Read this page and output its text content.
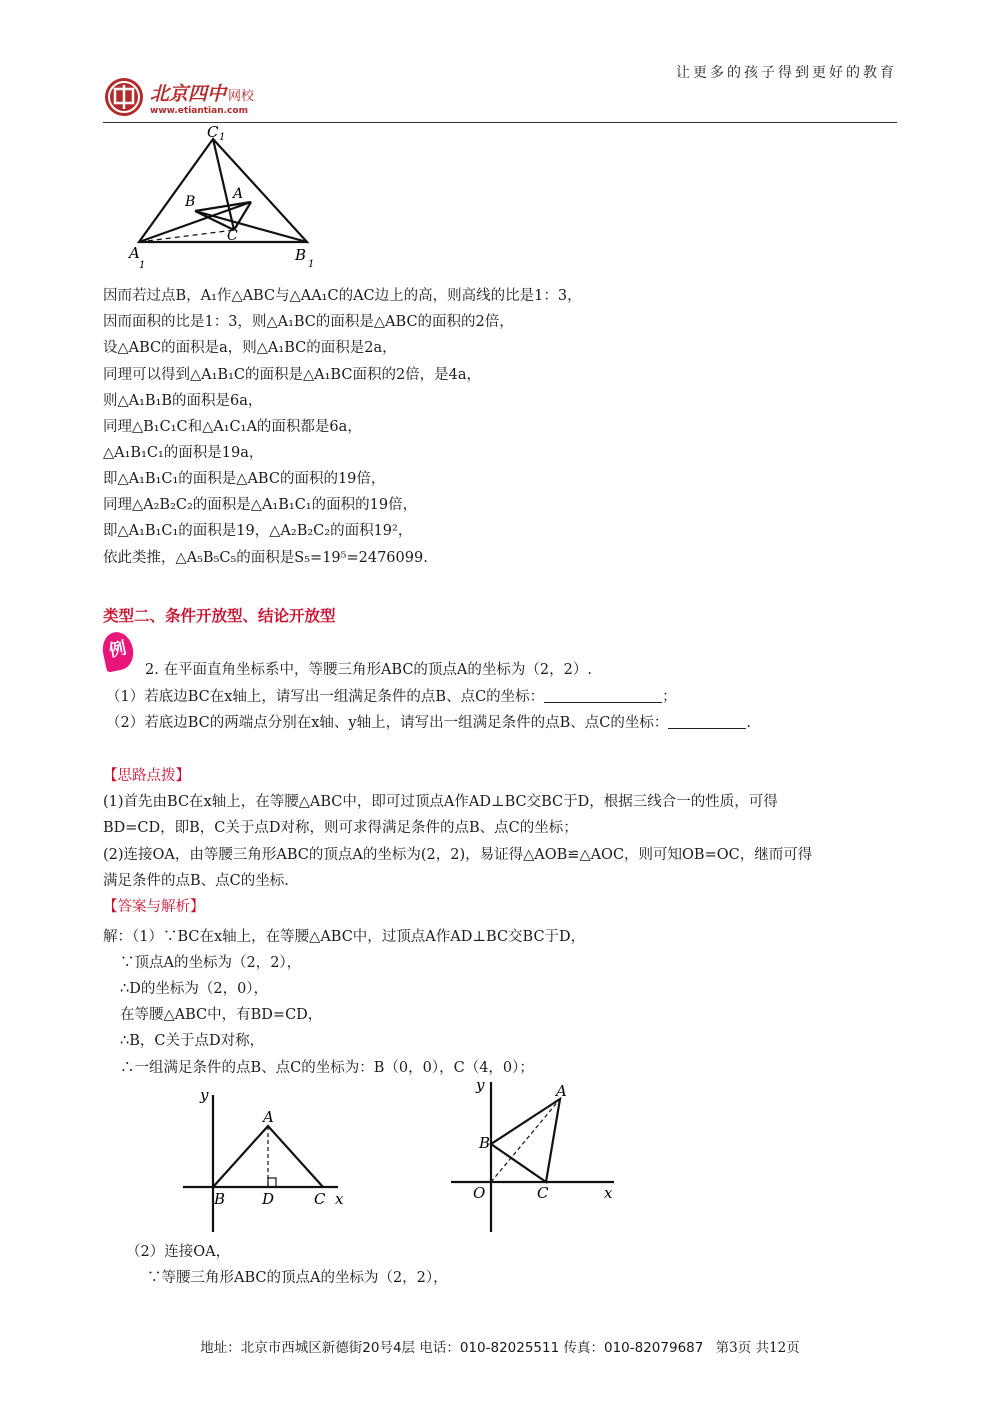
北京四中 网校
www.etiantian.com
让更多的孩子得到更好的教育
C 1
A
1
B
1
A
B
C
因而若过点B，A₁作△ABC与△AA₁C的AC边上的高，则高线的比是1：3，
因而面积的比是1：3，则△A₁BC的面积是△ABC的面积的2倍，
设△ABC的面积是a，则△A₁BC的面积是2a，
同理可以得到△A₁B₁C的面积是△A₁BC面积的2倍，是4a，
则△A₁B₁B的面积是6a，
同理△B₁C₁C和△A₁C₁A的面积都是6a，
△A₁B₁C₁的面积是19a，
即△A₁B₁C₁的面积是△ABC的面积的19倍，
同理△A₂B₂C₂的面积是△A₁B₁C₁的面积的19倍，
即△A₁B₁C₁的面积是19，△A₂B₂C₂的面积19²，
依此类推，△A₅B₅C₅的面积是S₅=19⁵=2476099.
类型二、条件开放型、结论开放型
例
2. 在平面直角坐标系中，等腰三角形ABC的顶点A的坐标为（2，2）.
（1）若底边BC在x轴上，请写出一组满足条件的点B、点C的坐标：	；
（2）若底边BC的两端点分别在x轴、y轴上，请写出一组满足条件的点B、点C的坐标：	.
【思路点拨】
(1)首先由BC在x轴上，在等腰△ABC中，即可过顶点A作AD⊥BC交BC于D，根据三线合一的性质，可得
BD=CD，即B，C关于点D对称，则可求得满足条件的点B、点C的坐标；
(2)连接OA，由等腰三角形ABC的顶点A的坐标为(2，2)，易证得△AOB≌△AOC，则可知OB=OC，继而可得
满足条件的点B、点C的坐标.
【答案与解析】
解：（1）∵BC在x轴上，在等腰△ABC中，过顶点A作AD⊥BC交BC于D，
∵顶点A的坐标为（2，2），
∴D的坐标为（2，0），
在等腰△ABC中，有BD=CD，
∴B，C关于点D对称，
∴一组满足条件的点B、点C的坐标为：B（0，0），C（4，0）；
y
x
A
B D	C
y
x
A
B
O	C
（2）连接OA，
∵等腰三角形ABC的顶点A的坐标为（2，2），
地址：北京市西城区新德街20号4层 电话：010-82025511 传真：010-82079687 第3页 共12页
